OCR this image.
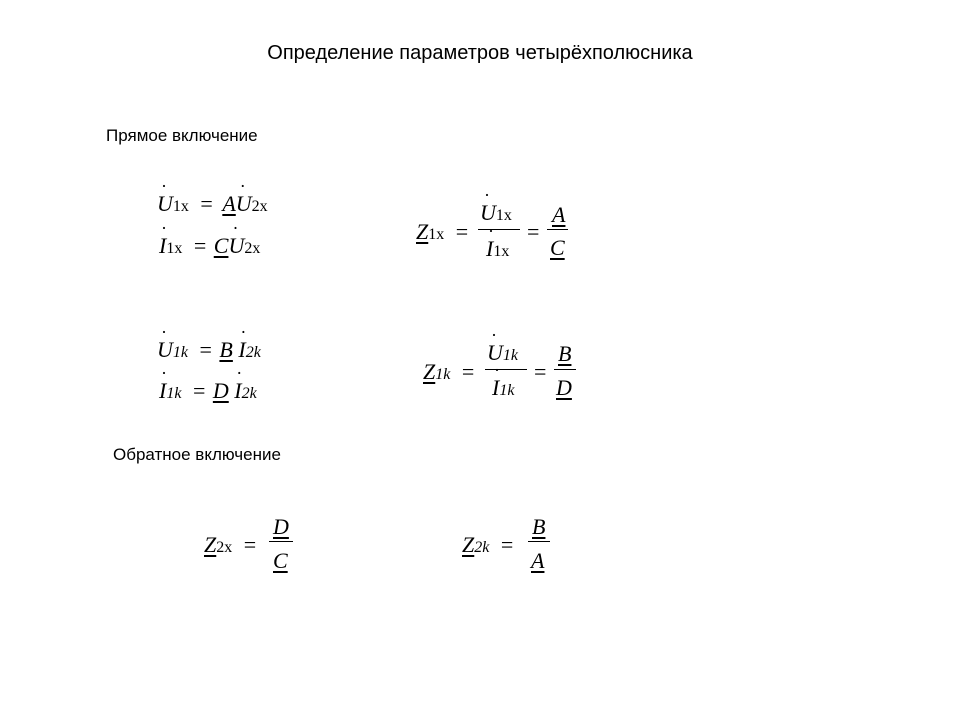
Определение параметров четырёхполюсника
Прямое включение
Обратное включение
U
·
1x = AU
·
2x
I
·
1x = CU
·
2x
Z1x =
U
·
1x
I
·
1x
=
A
C
U
·
1k = B I
·
2k
I
·
1k = D I
·
2k
Z1k =
U
·
1k
I
·
1k
=
B
D
Z2x =
D
C
Z2k =
B
A
